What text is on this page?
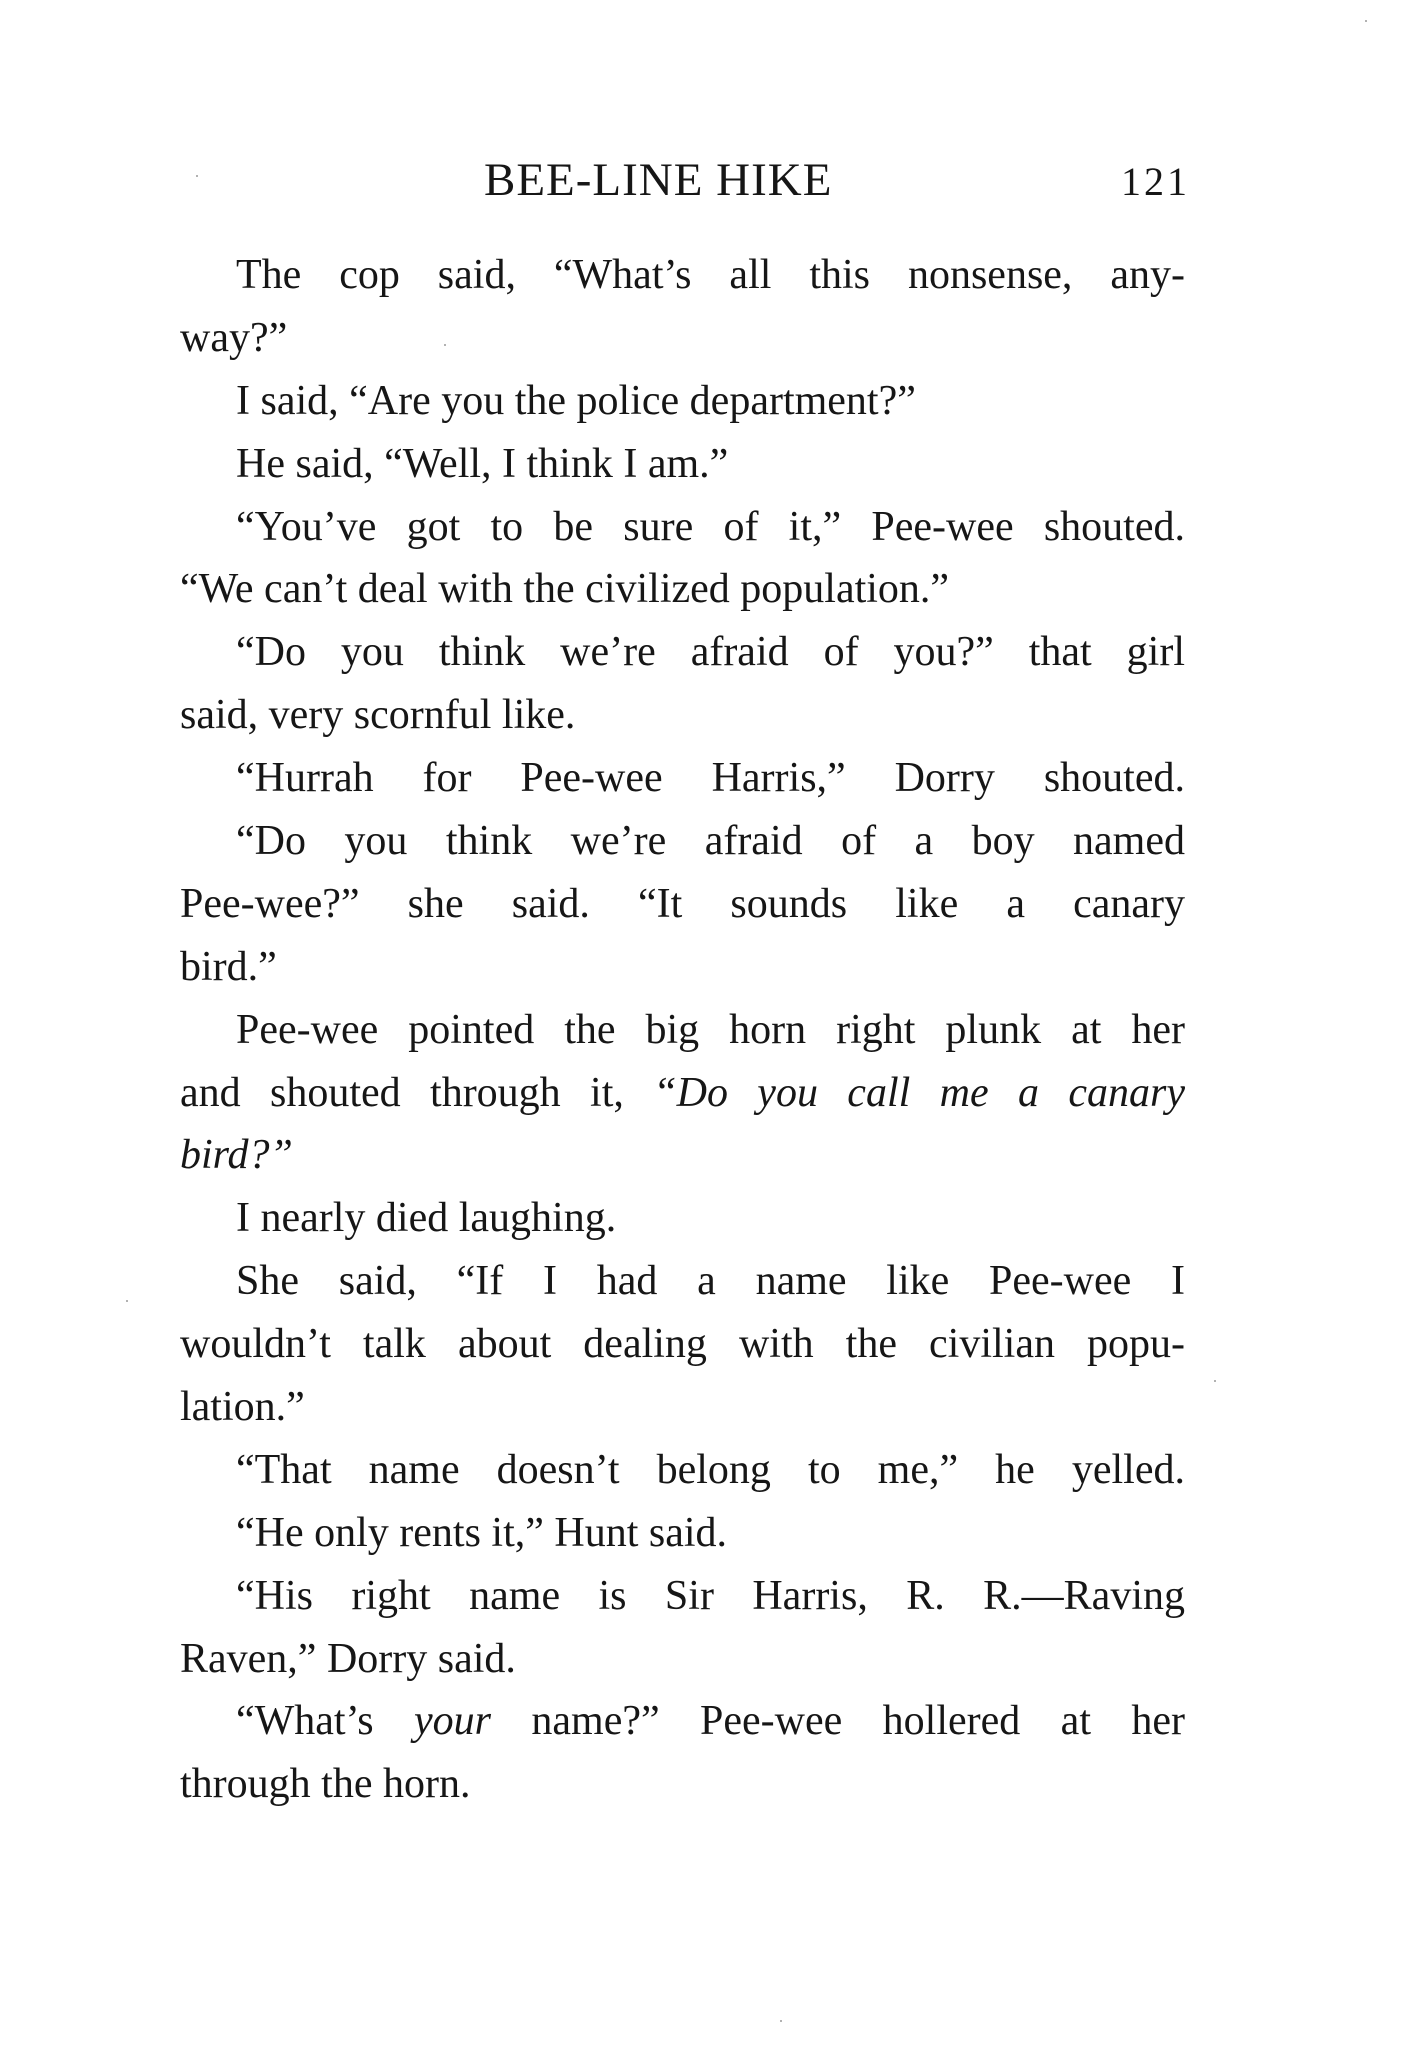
BEE-LINE HIKE	121
The cop said, “What’s all this nonsense, any-
way?”
I said, “Are you the police department?”
He said, “Well, I think I am.”
“You’ve got to be sure of it,” Pee-wee shouted.
“We can’t deal with the civilized population.”
“Do you think we’re afraid of you?” that girl
said, very scornful like.
“Hurrah for Pee-wee Harris,” Dorry shouted.
“Do you think we’re afraid of a boy named
Pee-wee?” she said. “It sounds like a canary
bird.”
Pee-wee pointed the big horn right plunk at her
and shouted through it, “Do you call me a canary
bird?”
I nearly died laughing.
She said, “If I had a name like Pee-wee I
wouldn’t talk about dealing with the civilian popu-
lation.”
“That name doesn’t belong to me,” he yelled.
“He only rents it,” Hunt said.
“His right name is Sir Harris, R. R.—Raving
Raven,” Dorry said.
“What’s your name?” Pee-wee hollered at her
through the horn.
